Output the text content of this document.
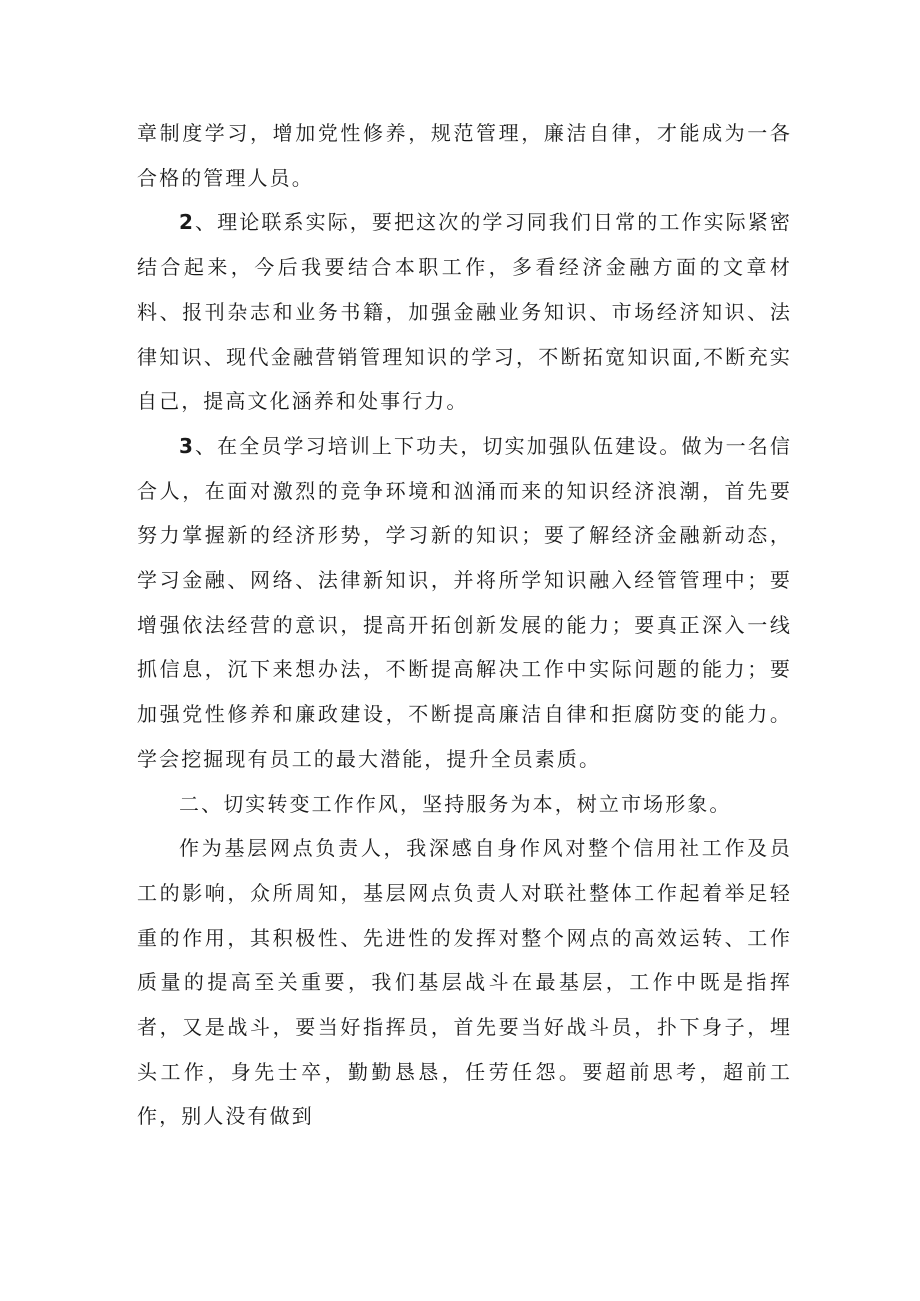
章制度学习，增加党性修养，规范管理，廉洁自律，才能成为一各合格的管理人员。

2、理论联系实际，要把这次的学习同我们日常的工作实际紧密结合起来，今后我要结合本职工作，多看经济金融方面的文章材料、报刊杂志和业务书籍，加强金融业务知识、市场经济知识、法律知识、现代金融营销管理知识的学习，不断拓宽知识面,不断充实自己，提高文化涵养和处事行力。

3、在全员学习培训上下功夫，切实加强队伍建设。做为一名信合人，在面对激烈的竞争环境和汹涌而来的知识经济浪潮，首先要努力掌握新的经济形势，学习新的知识；要了解经济金融新动态，学习金融、网络、法律新知识，并将所学知识融入经管管理中；要增强依法经营的意识，提高开拓创新发展的能力；要真正深入一线抓信息，沉下来想办法，不断提高解决工作中实际问题的能力；要加强党性修养和廉政建设，不断提高廉洁自律和拒腐防变的能力。学会挖掘现有员工的最大潜能，提升全员素质。

二、切实转变工作作风，坚持服务为本，树立市场形象。

作为基层网点负责人，我深感自身作风对整个信用社工作及员工的影响，众所周知，基层网点负责人对联社整体工作起着举足轻重的作用，其积极性、先进性的发挥对整个网点的高效运转、工作质量的提高至关重要，我们基层战斗在最基层，工作中既是指挥者，又是战斗，要当好指挥员，首先要当好战斗员，扑下身子，埋头工作，身先士卒，勤勤恳恳，任劳任怨。要超前思考，超前工作，别人没有做到
